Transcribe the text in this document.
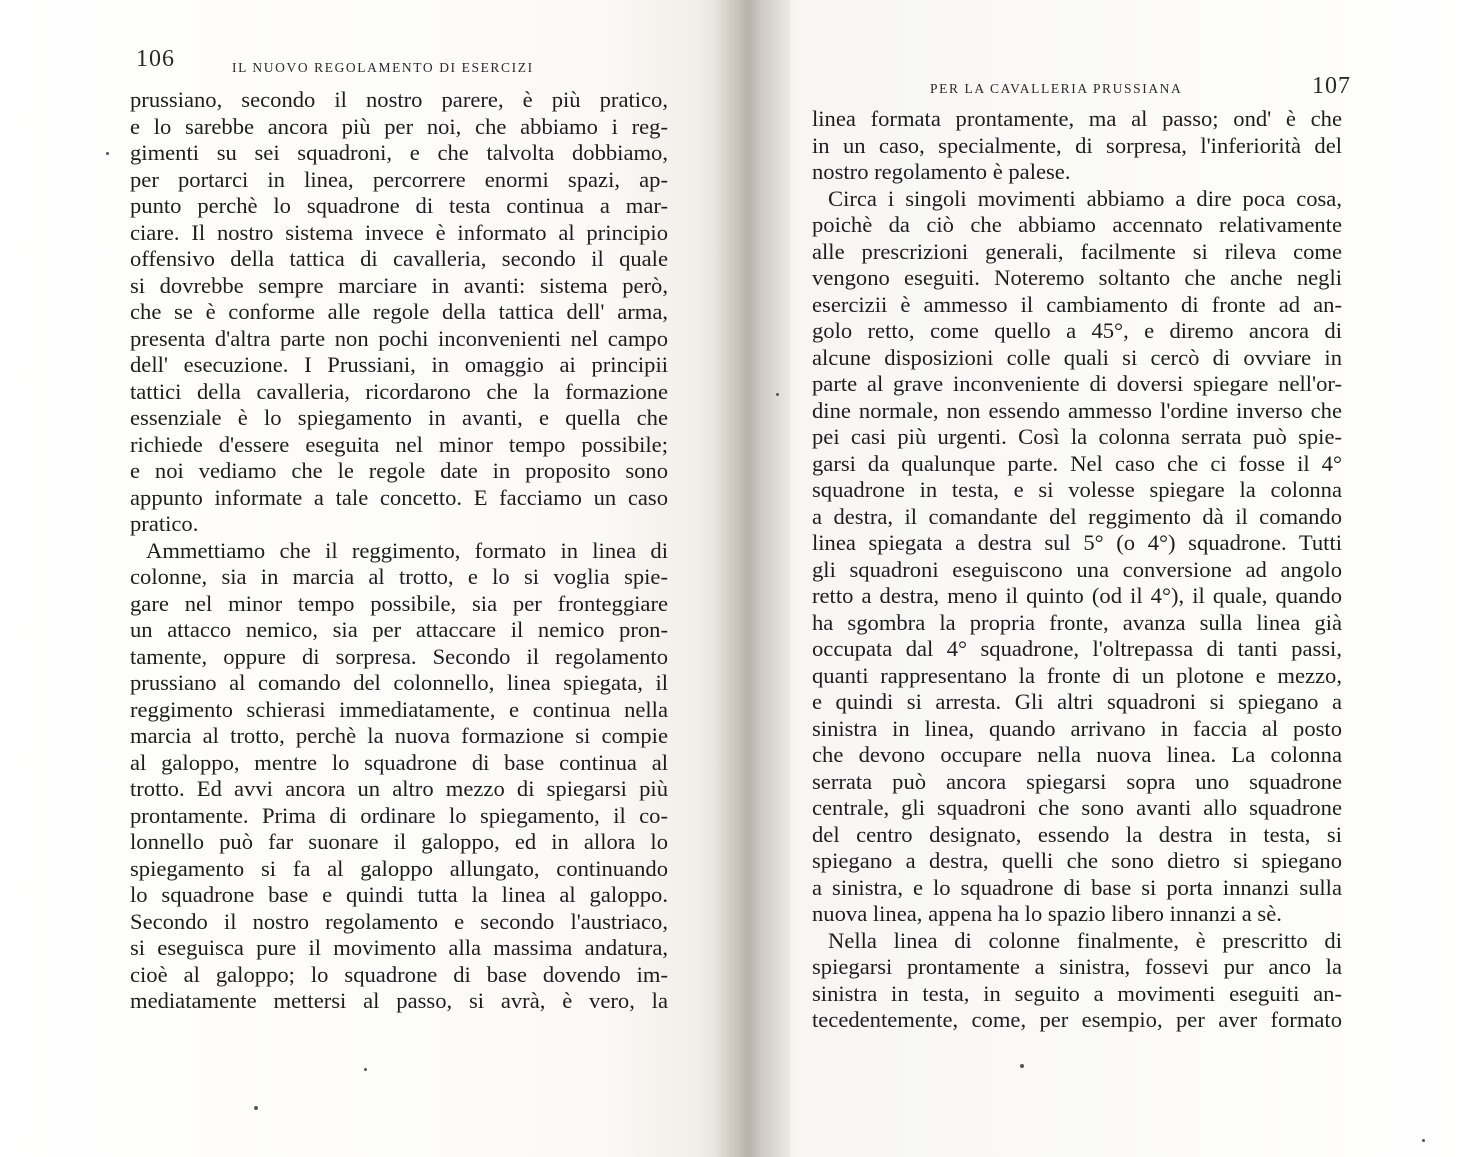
106	IL NUOVO REGOLAMENTO DI ESERCIZI
prussiano, secondo il nostro parere, è più pratico,
e lo sarebbe ancora più per noi, che abbiamo i reg-
gimenti su sei squadroni, e che talvolta dobbiamo,
per portarci in linea, percorrere enormi spazi, ap-
punto perchè lo squadrone di testa continua a mar-
ciare. Il nostro sistema invece è informato al principio
offensivo della tattica di cavalleria, secondo il quale
si dovrebbe sempre marciare in avanti: sistema però,
che se è conforme alle regole della tattica dell' arma,
presenta d'altra parte non pochi inconvenienti nel campo
dell' esecuzione. I Prussiani, in omaggio ai principii
tattici della cavalleria, ricordarono che la formazione
essenziale è lo spiegamento in avanti, e quella che
richiede d'essere eseguita nel minor tempo possibile;
e noi vediamo che le regole date in proposito sono
appunto informate a tale concetto. E facciamo un caso
pratico.
Ammettiamo che il reggimento, formato in linea di
colonne, sia in marcia al trotto, e lo si voglia spie-
gare nel minor tempo possibile, sia per fronteggiare
un attacco nemico, sia per attaccare il nemico pron-
tamente, oppure di sorpresa. Secondo il regolamento
prussiano al comando del colonnello, linea spiegata, il
reggimento schierasi immediatamente, e continua nella
marcia al trotto, perchè la nuova formazione si compie
al galoppo, mentre lo squadrone di base continua al
trotto. Ed avvi ancora un altro mezzo di spiegarsi più
prontamente. Prima di ordinare lo spiegamento, il co-
lonnello può far suonare il galoppo, ed in allora lo
spiegamento si fa al galoppo allungato, continuando
lo squadrone base e quindi tutta la linea al galoppo.
Secondo il nostro regolamento e secondo l'austriaco,
si eseguisca pure il movimento alla massima andatura,
cioè al galoppo; lo squadrone di base dovendo im-
mediatamente mettersi al passo, si avrà, è vero, la
PER LA CAVALLERIA PRUSSIANA	107
linea formata prontamente, ma al passo; ond' è che
in un caso, specialmente, di sorpresa, l'inferiorità del
nostro regolamento è palese.
Circa i singoli movimenti abbiamo a dire poca cosa,
poichè da ciò che abbiamo accennato relativamente
alle prescrizioni generali, facilmente si rileva come
vengono eseguiti. Noteremo soltanto che anche negli
esercizii è ammesso il cambiamento di fronte ad an-
golo retto, come quello a 45°, e diremo ancora di
alcune disposizioni colle quali si cercò di ovviare in
parte al grave inconveniente di doversi spiegare nell'or-
dine normale, non essendo ammesso l'ordine inverso che
pei casi più urgenti. Così la colonna serrata può spie-
garsi da qualunque parte. Nel caso che ci fosse il 4°
squadrone in testa, e si volesse spiegare la colonna
a destra, il comandante del reggimento dà il comando
linea spiegata a destra sul 5° (o 4°) squadrone. Tutti
gli squadroni eseguiscono una conversione ad angolo
retto a destra, meno il quinto (od il 4°), il quale, quando
ha sgombra la propria fronte, avanza sulla linea già
occupata dal 4° squadrone, l'oltrepassa di tanti passi,
quanti rappresentano la fronte di un plotone e mezzo,
e quindi si arresta. Gli altri squadroni si spiegano a
sinistra in linea, quando arrivano in faccia al posto
che devono occupare nella nuova linea. La colonna
serrata può ancora spiegarsi sopra uno squadrone
centrale, gli squadroni che sono avanti allo squadrone
del centro designato, essendo la destra in testa, si
spiegano a destra, quelli che sono dietro si spiegano
a sinistra, e lo squadrone di base si porta innanzi sulla
nuova linea, appena ha lo spazio libero innanzi a sè.
Nella linea di colonne finalmente, è prescritto di
spiegarsi prontamente a sinistra, fossevi pur anco la
sinistra in testa, in seguito a movimenti eseguiti an-
tecedentemente, come, per esempio, per aver formato
